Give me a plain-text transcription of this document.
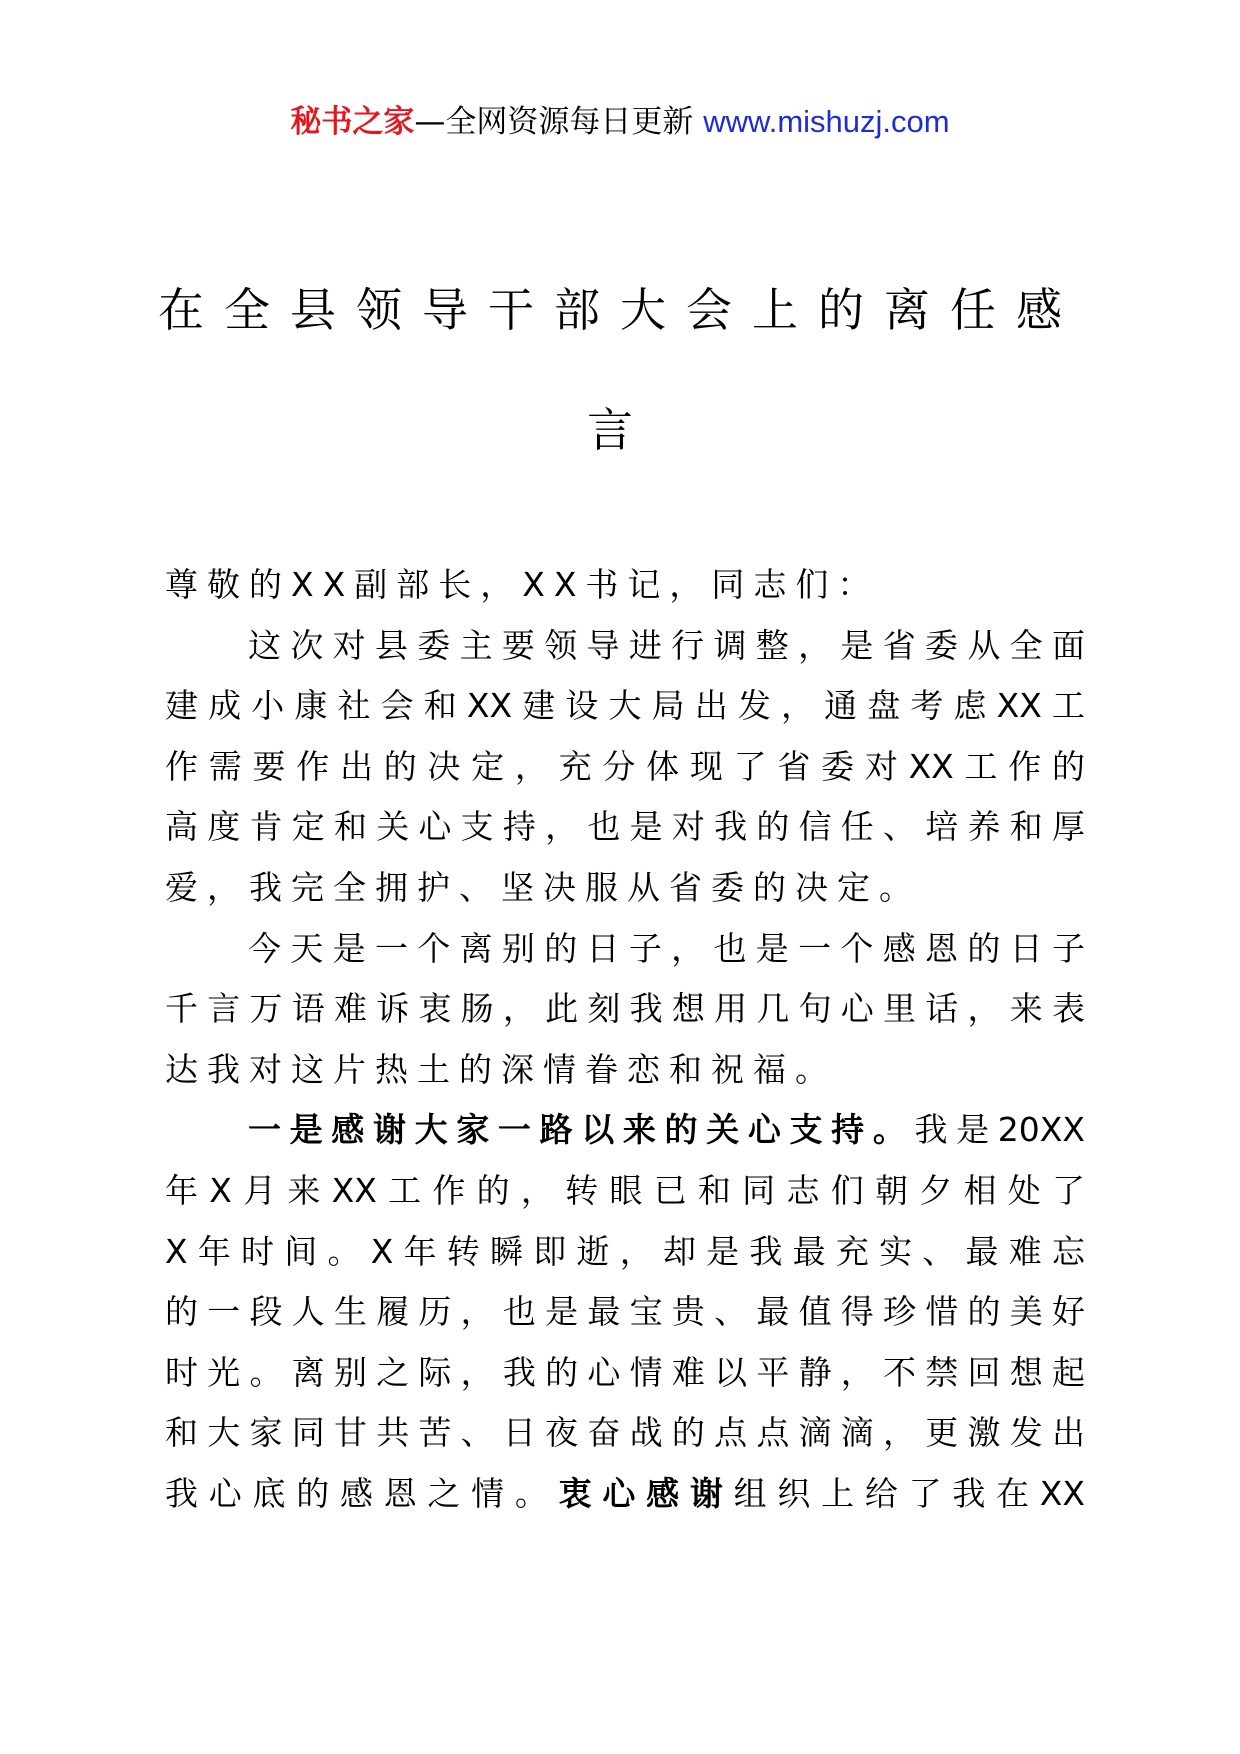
秘书之家—全网资源每日更新 www.mishuzj.com
在全县领导干部大会上的离任感
言
尊敬的XX副部长，XX书记，同志们：
这次对县委主要领导进行调整，是省委从全面
建成小康社会和XX建设大局出发，通盘考虑XX工
作需要作出的决定，充分体现了省委对XX工作的
高度肯定和关心支持，也是对我的信任、培养和厚
爱，我完全拥护、坚决服从省委的决定。
今天是一个离别的日子，也是一个感恩的日子
千言万语难诉衷肠，此刻我想用几句心里话，来表
达我对这片热土的深情眷恋和祝福。
一是感谢大家一路以来的关心支持。我是20XX
年X月来XX工作的，转眼已和同志们朝夕相处了
X年时间。X年转瞬即逝，却是我最充实、最难忘
的一段人生履历，也是最宝贵、最值得珍惜的美好
时光。离别之际，我的心情难以平静，不禁回想起
和大家同甘共苦、日夜奋战的点点滴滴，更激发出
我心底的感恩之情。衷心感谢组织上给了我在XX
